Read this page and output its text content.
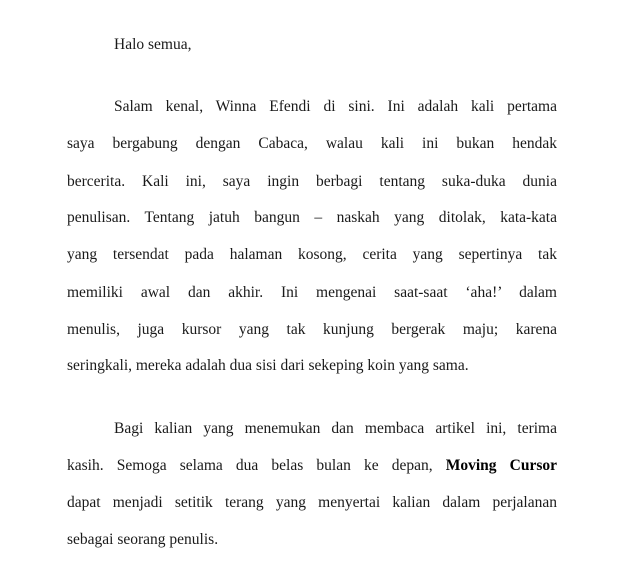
Halo semua,
Salam kenal, Winna Efendi di sini. Ini adalah kali pertama
saya bergabung dengan Cabaca, walau kali ini bukan hendak
bercerita. Kali ini, saya ingin berbagi tentang suka-duka dunia
penulisan. Tentang jatuh bangun – naskah yang ditolak, kata-kata
yang tersendat pada halaman kosong, cerita yang sepertinya tak
memiliki awal dan akhir. Ini mengenai saat-saat ‘aha!’ dalam
menulis, juga kursor yang tak kunjung bergerak maju; karena
seringkali, mereka adalah dua sisi dari sekeping koin yang sama.
Bagi kalian yang menemukan dan membaca artikel ini, terima
kasih. Semoga selama dua belas bulan ke depan, Moving Cursor
dapat menjadi setitik terang yang menyertai kalian dalam perjalanan
sebagai seorang penulis.
